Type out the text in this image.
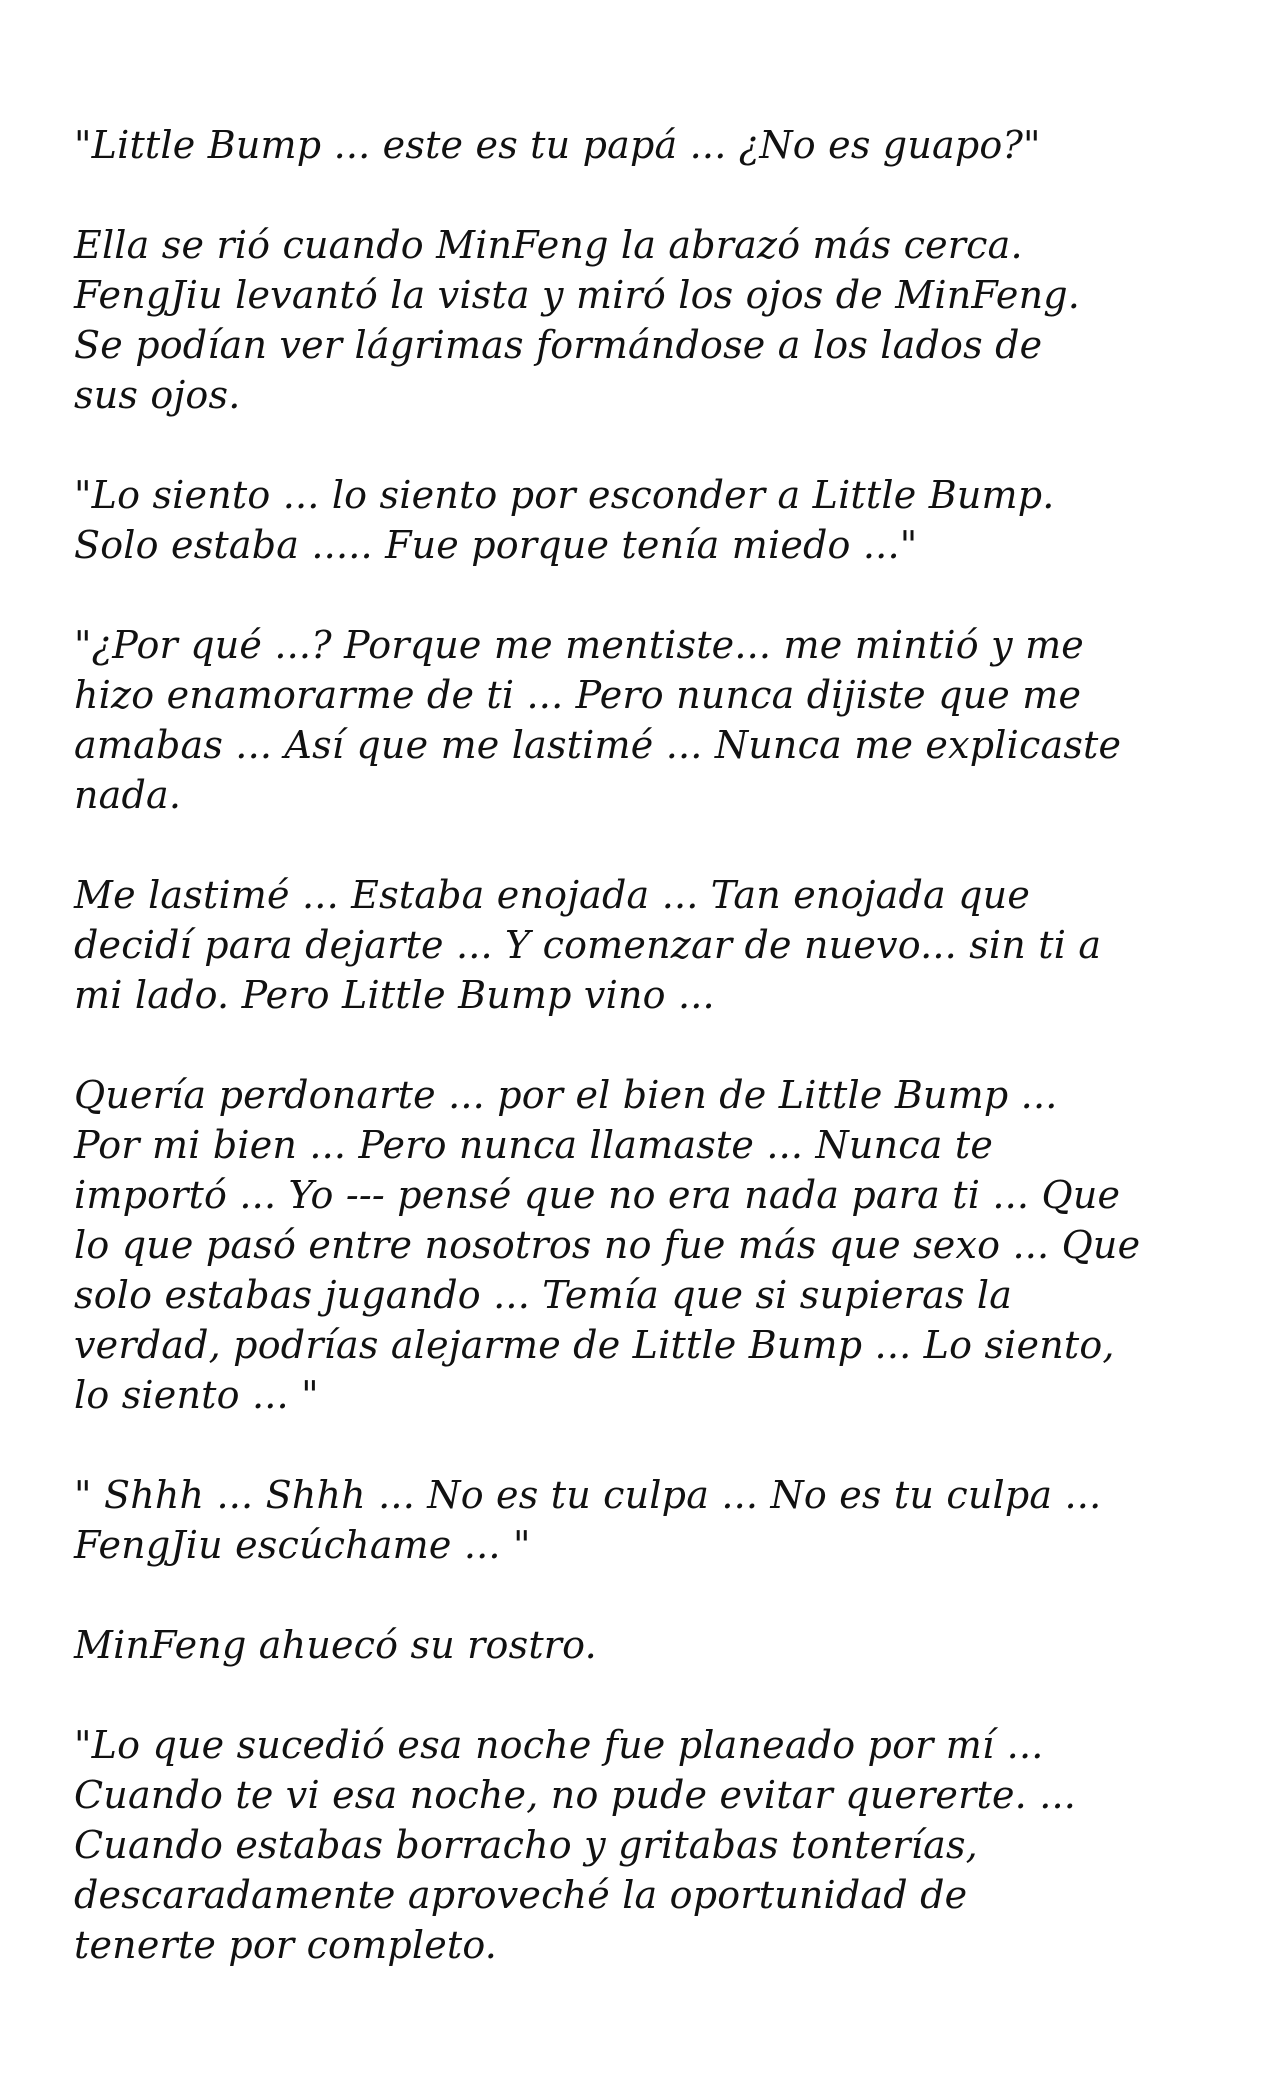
"Little Bump ... este es tu papá ... ¿No es guapo?"

Ella se rió cuando MinFeng la abrazó más cerca.
FengJiu levantó la vista y miró los ojos de MinFeng.
Se podían ver lágrimas formándose a los lados de
sus ojos.

"Lo siento ... lo siento por esconder a Little Bump.
Solo estaba ..... Fue porque tenía miedo ..."

"¿Por qué ...? Porque me mentiste... me mintió y me
hizo enamorarme de ti ... Pero nunca dijiste que me
amabas ... Así que me lastimé ... Nunca me explicaste
nada.

Me lastimé ... Estaba enojada ... Tan enojada que
decidí para dejarte ... Y comenzar de nuevo... sin ti a
mi lado. Pero Little Bump vino ...

Quería perdonarte ... por el bien de Little Bump ...
Por mi bien ... Pero nunca llamaste ... Nunca te
importó ... Yo --- pensé que no era nada para ti ... Que
lo que pasó entre nosotros no fue más que sexo ... Que
solo estabas jugando ... Temía que si supieras la
verdad, podrías alejarme de Little Bump ... Lo siento,
lo siento ... "

" Shhh ... Shhh ... No es tu culpa ... No es tu culpa ...
FengJiu escúchame ... "

MinFeng ahuecó su rostro.

"Lo que sucedió esa noche fue planeado por mí ...
Cuando te vi esa noche, no pude evitar quererte. ...
Cuando estabas borracho y gritabas tonterías,
descaradamente aproveché la oportunidad de
tenerte por completo.
